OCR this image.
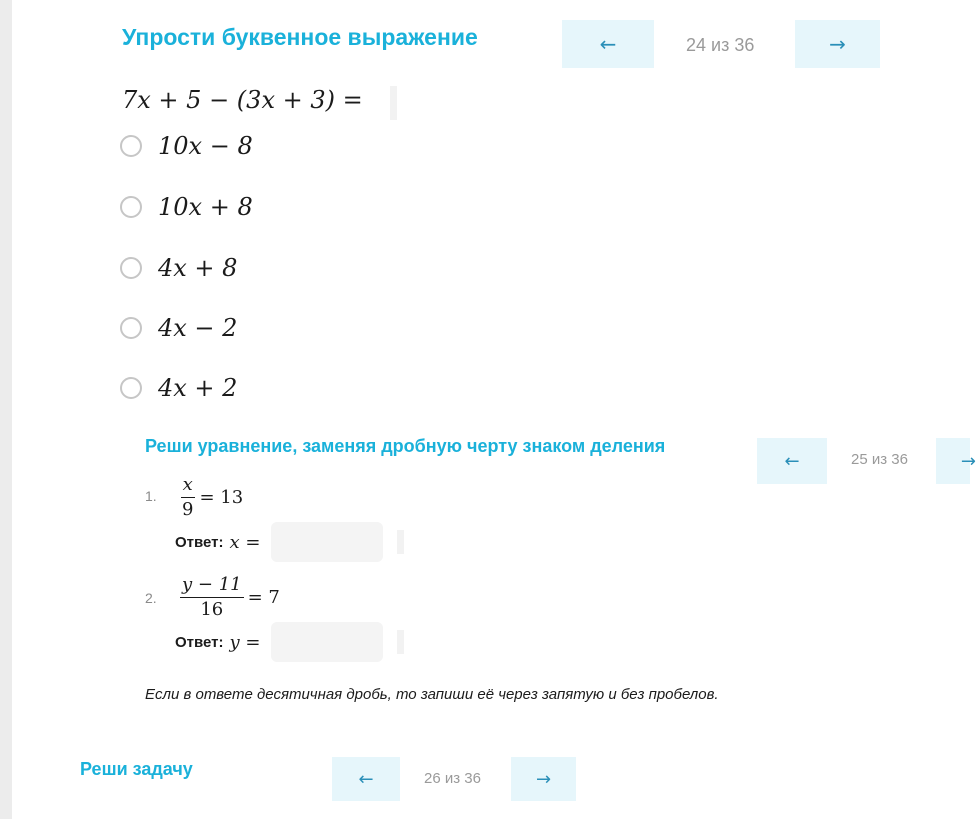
Упрости буквенное выражение	←	24 из 36	→
7x + 5 − (3x + 3) =
10x − 8
10x + 8
4x + 8
4x − 2
4x + 2
Реши уравнение, заменяя дробную черту знаком деления
←	25 из 36	→
1. $\frac{x}{9} = 13$
Ответ: x =
2. $\frac{y - 11}{16} = 7$
Ответ: y =
Если в ответе десятичная дробь, то запиши её через запятую и без пробелов.
Реши задачу	←	26 из 36	→
